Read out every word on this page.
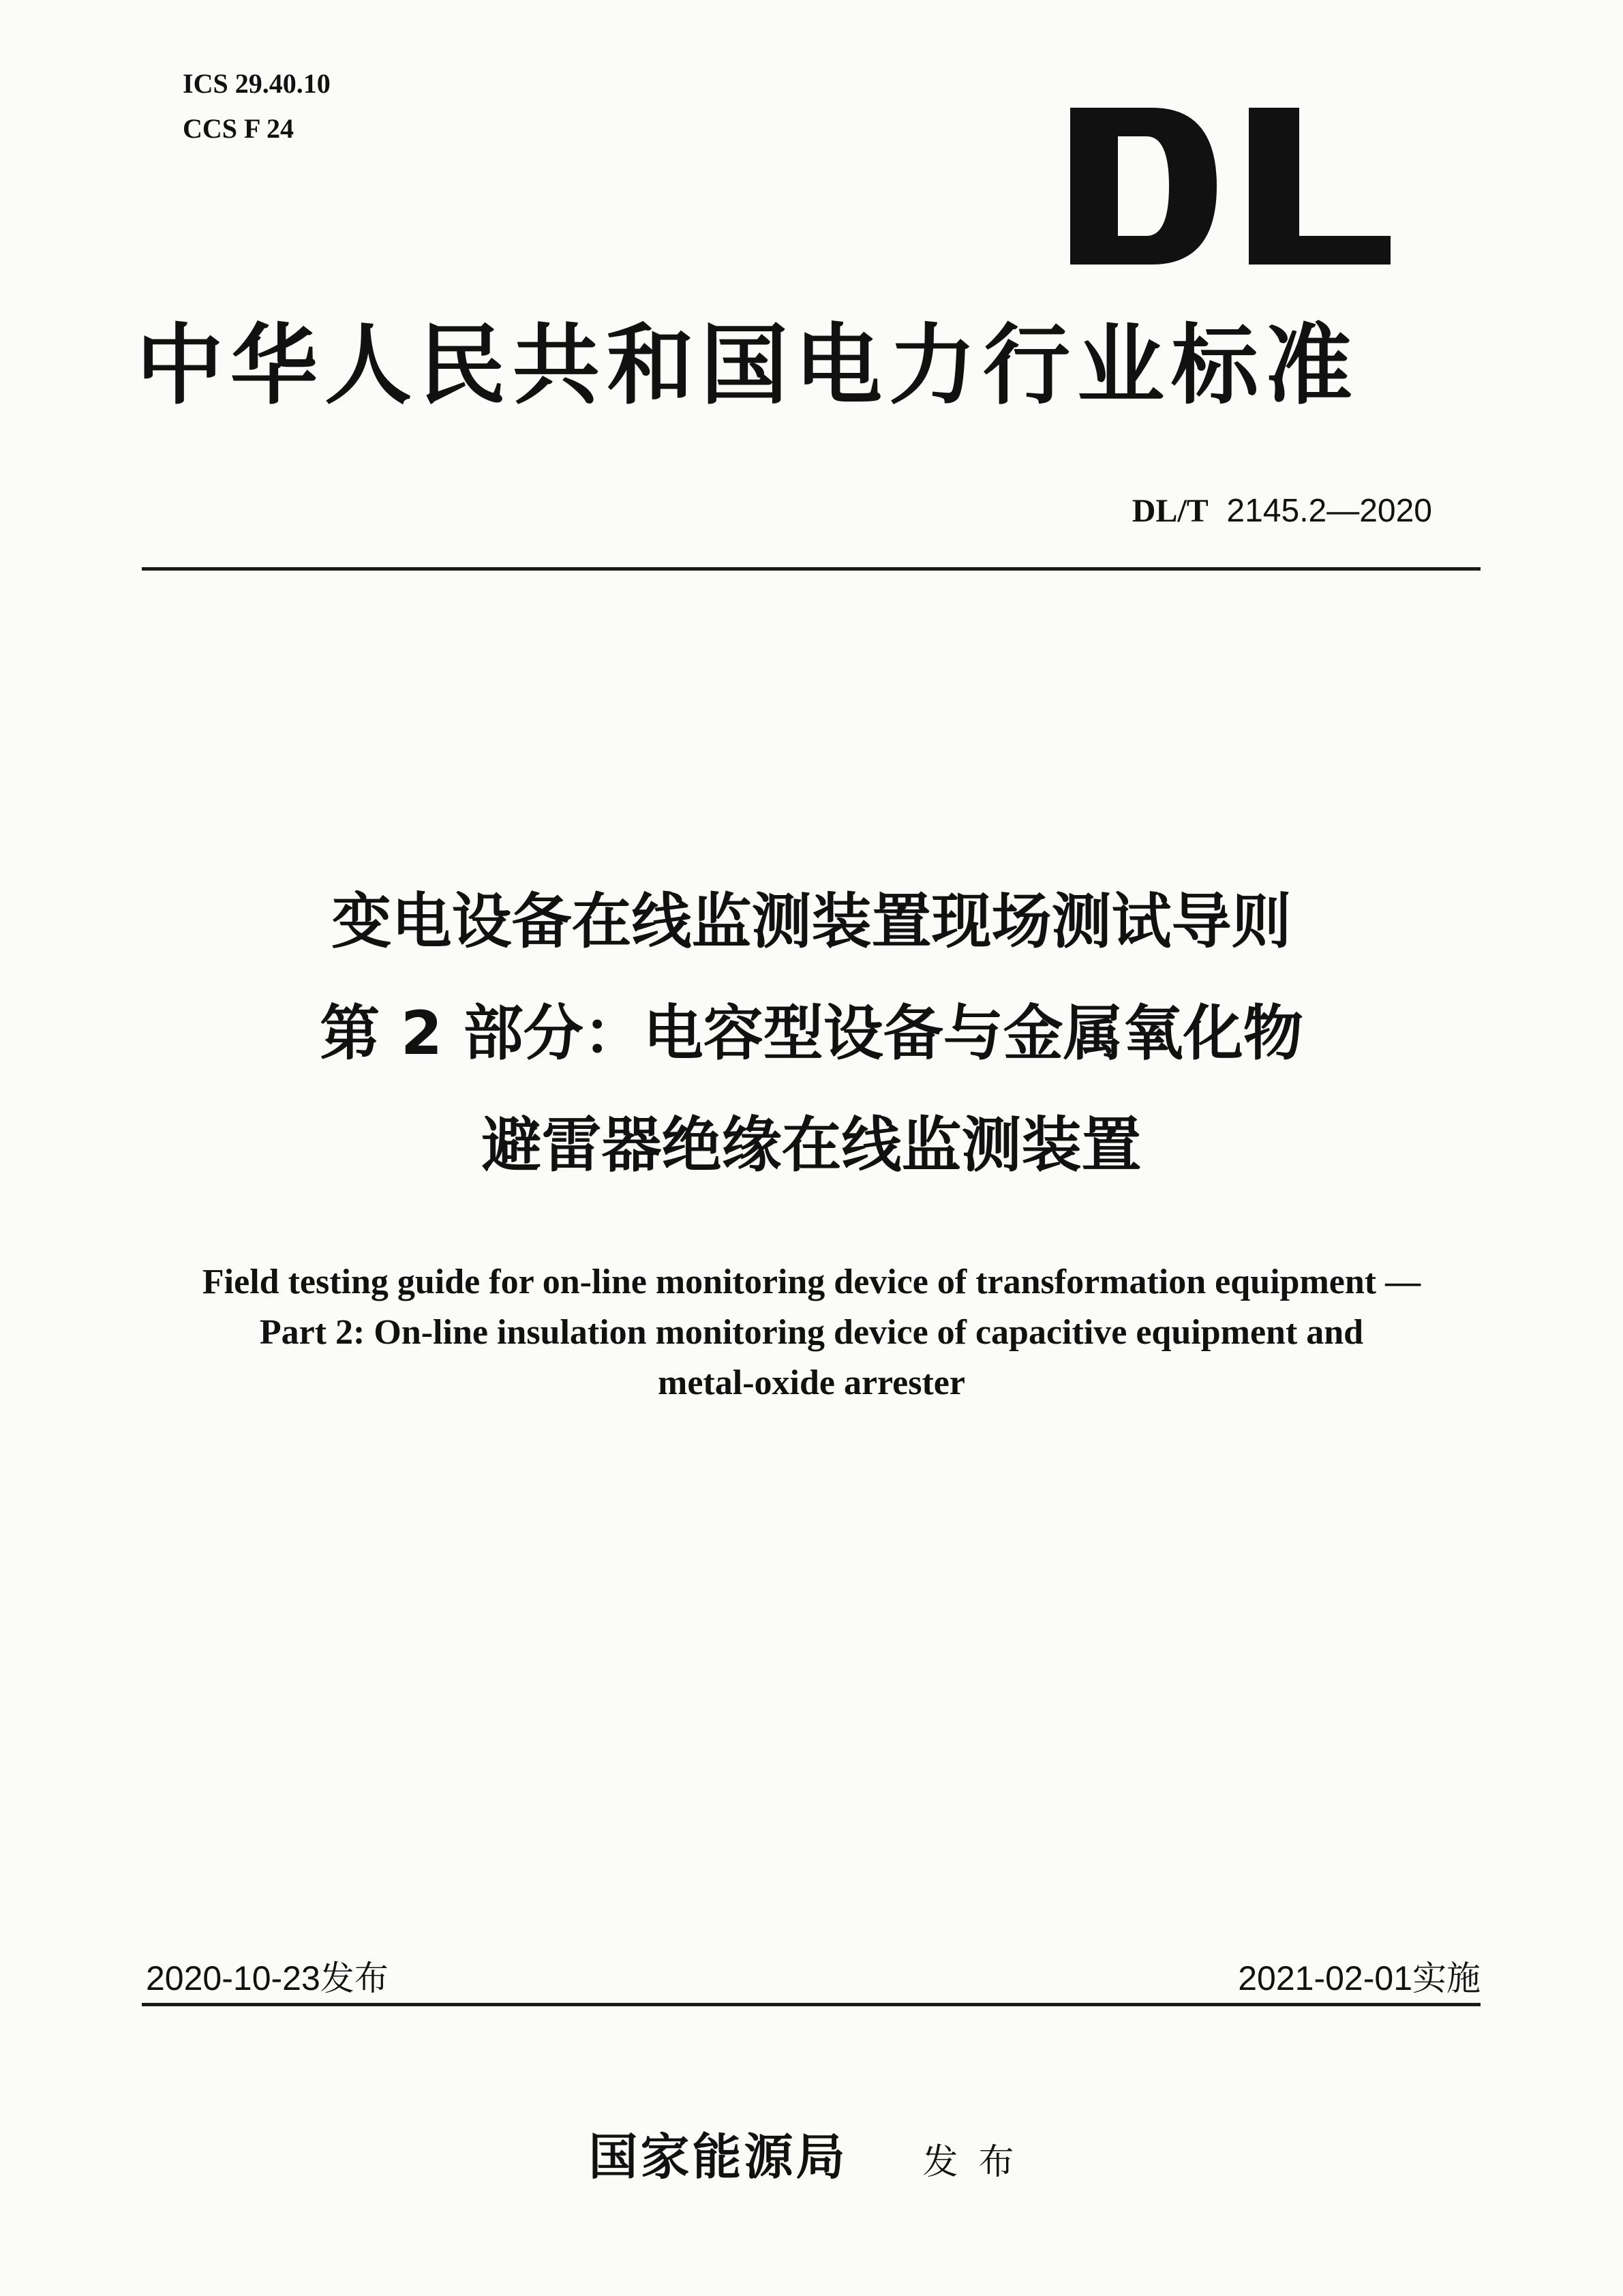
ICS 29.40.10
CCS F 24
中华人民共和国电力行业标准
DL/T 2145.2—2020
变电设备在线监测装置现场测试导则
第 2 部分：电容型设备与金属氧化物
避雷器绝缘在线监测装置
Field testing guide for on-line monitoring device of transformation equipment —
Part 2: On-line insulation monitoring device of capacitive equipment and
metal-oxide arrester
2020-10-23发布	2021-02-01实施
国家能源局 发布
